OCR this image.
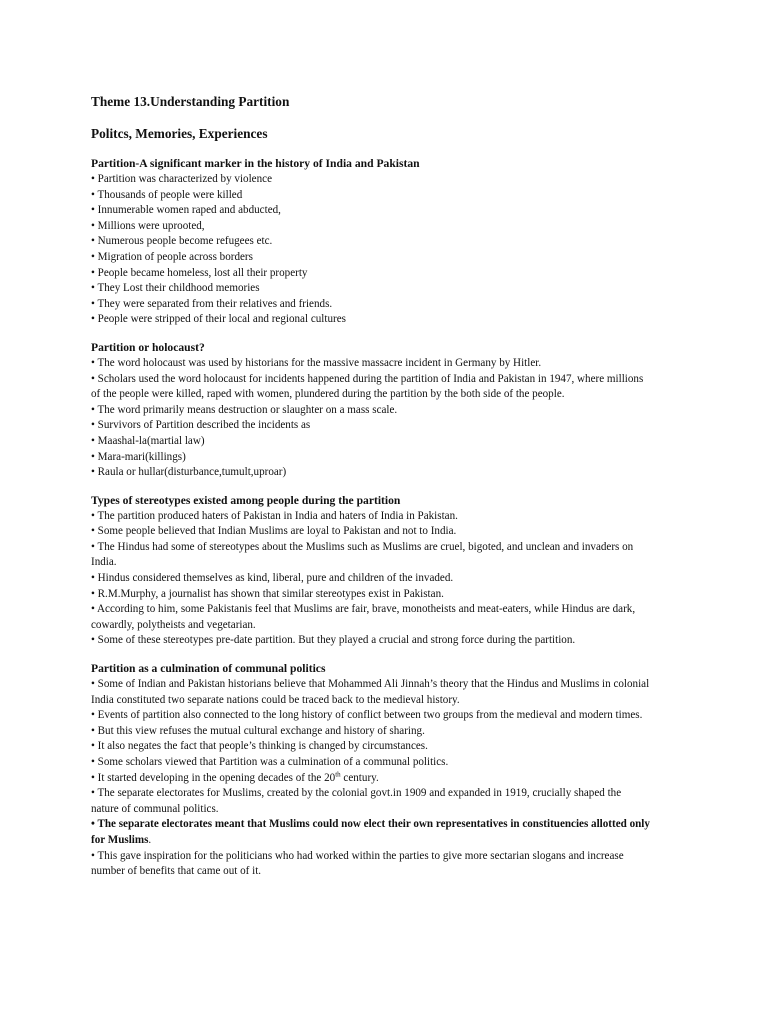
Theme 13.Understanding Partition
Politcs, Memories, Experiences
Partition-A significant marker in the history of India and Pakistan
• Partition was characterized by violence
• Thousands of people were killed
• Innumerable women raped and abducted,
• Millions were uprooted,
• Numerous people become refugees etc.
• Migration of people across borders
• People became homeless, lost all their property
• They Lost their childhood memories
• They were separated from their relatives and friends.
• People were stripped of their local and regional cultures
Partition or holocaust?
• The word holocaust was used by historians for the massive massacre incident in Germany by Hitler.
• Scholars used the word holocaust for incidents happened during the partition of India and Pakistan in 1947, where millions of the people were killed, raped with women, plundered during the partition by the both side of the people.
• The word primarily means destruction or slaughter on a mass scale.
• Survivors of Partition described the incidents as
• Maashal-la(martial law)
• Mara-mari(killings)
• Raula or hullar(disturbance,tumult,uproar)
Types of stereotypes existed among people during the partition
• The partition produced haters of Pakistan in India and haters of India in Pakistan.
• Some people believed that Indian Muslims are loyal to Pakistan and not to India.
• The Hindus had some of stereotypes about the Muslims such as Muslims are cruel, bigoted, and unclean and invaders on India.
• Hindus considered themselves as kind, liberal, pure and children of the invaded.
• R.M.Murphy, a journalist has shown that similar stereotypes exist in Pakistan.
• According to him, some Pakistanis feel that Muslims are fair, brave, monotheists and meat-eaters, while Hindus are dark, cowardly, polytheists and vegetarian.
• Some of these stereotypes pre-date partition. But they played a crucial and strong force during the partition.
Partition as a culmination of communal politics
• Some of Indian and Pakistan historians believe that Mohammed Ali Jinnah’s theory that the Hindus and Muslims in colonial India constituted two separate nations could be traced back to the medieval history.
• Events of partition also connected to the long history of conflict between two groups from the medieval and modern times.
• But this view refuses the mutual cultural exchange and history of sharing.
• It also negates the fact that people’s thinking is changed by circumstances.
• Some scholars viewed that Partition was a culmination of a communal politics.
• It started developing in the opening decades of the 20th century.
• The separate electorates for Muslims, created by the colonial govt.in 1909 and expanded in 1919, crucially shaped the nature of communal politics.
• The separate electorates meant that Muslims could now elect their own representatives in constituencies allotted only for Muslims.
• This gave inspiration for the politicians who had worked within the parties to give more sectarian slogans and increase number of benefits that came out of it.
